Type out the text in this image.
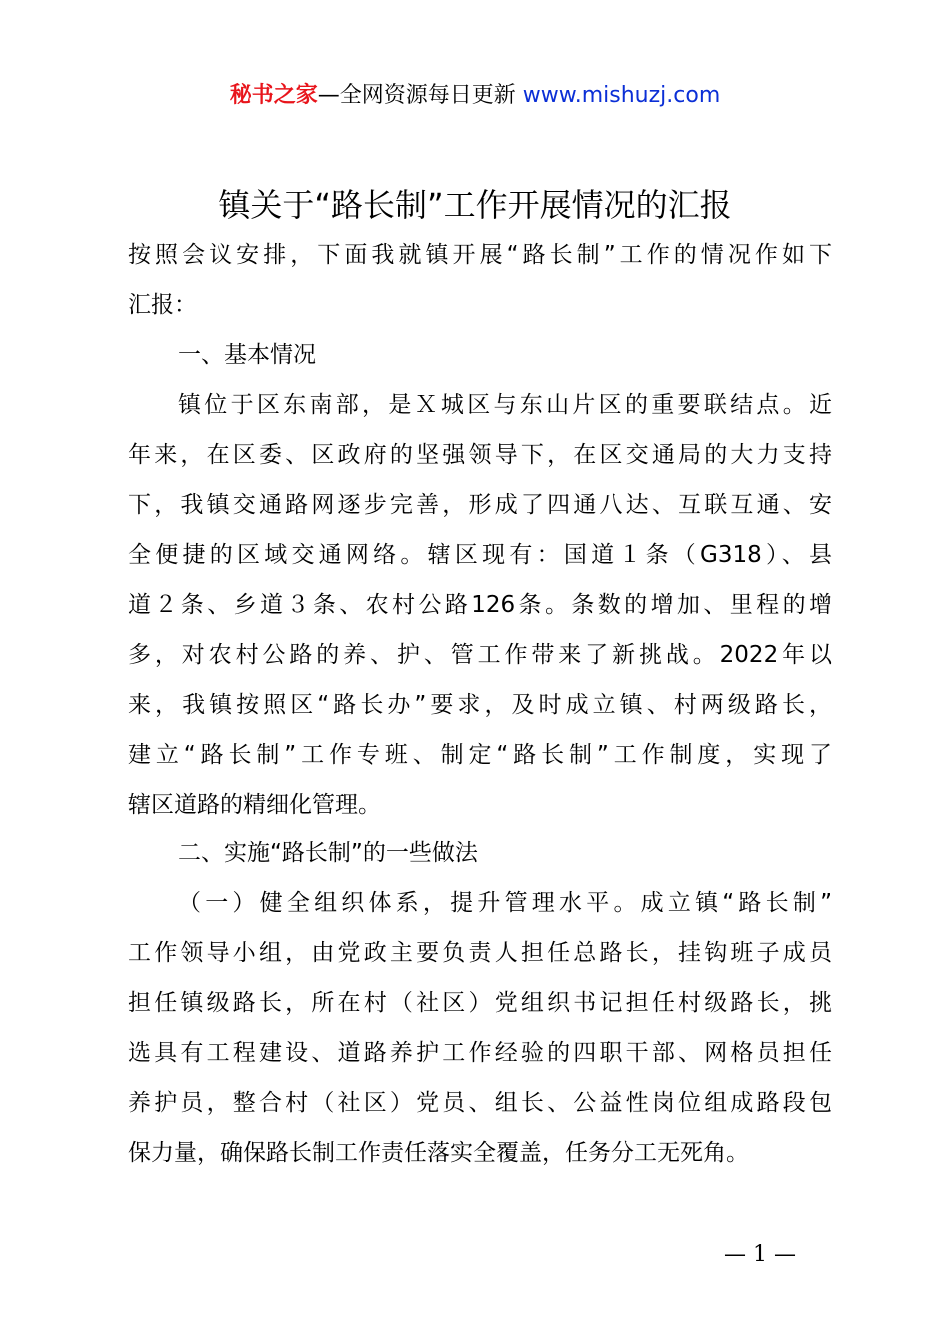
秘书之家—全网资源每日更新 www.mishuzj.com
镇关于“路长制”工作开展情况的汇报
按照会议安排，下面我就镇开展“路长制”工作的情况作如下
汇报：
一、基本情况
镇位于区东南部，是Ｘ城区与东山片区的重要联结点。近
年来，在区委、区政府的坚强领导下，在区交通局的大力支持
下，我镇交通路网逐步完善，形成了四通八达、互联互通、安
全便捷的区域交通网络。辖区现有：国道１条（G318）、县
道２条、乡道３条、农村公路126条。条数的增加、里程的增
多，对农村公路的养、护、管工作带来了新挑战。2022年以
来，我镇按照区“路长办”要求，及时成立镇、村两级路长，
建立“路长制”工作专班、制定“路长制”工作制度，实现了
辖区道路的精细化管理。
二、实施“路长制”的一些做法
（一）健全组织体系，提升管理水平。成立镇“路长制”
工作领导小组，由党政主要负责人担任总路长，挂钩班子成员
担任镇级路长，所在村（社区）党组织书记担任村级路长，挑
选具有工程建设、道路养护工作经验的四职干部、网格员担任
养护员，整合村（社区）党员、组长、公益性岗位组成路段包
保力量，确保路长制工作责任落实全覆盖，任务分工无死角。
— 1 —
